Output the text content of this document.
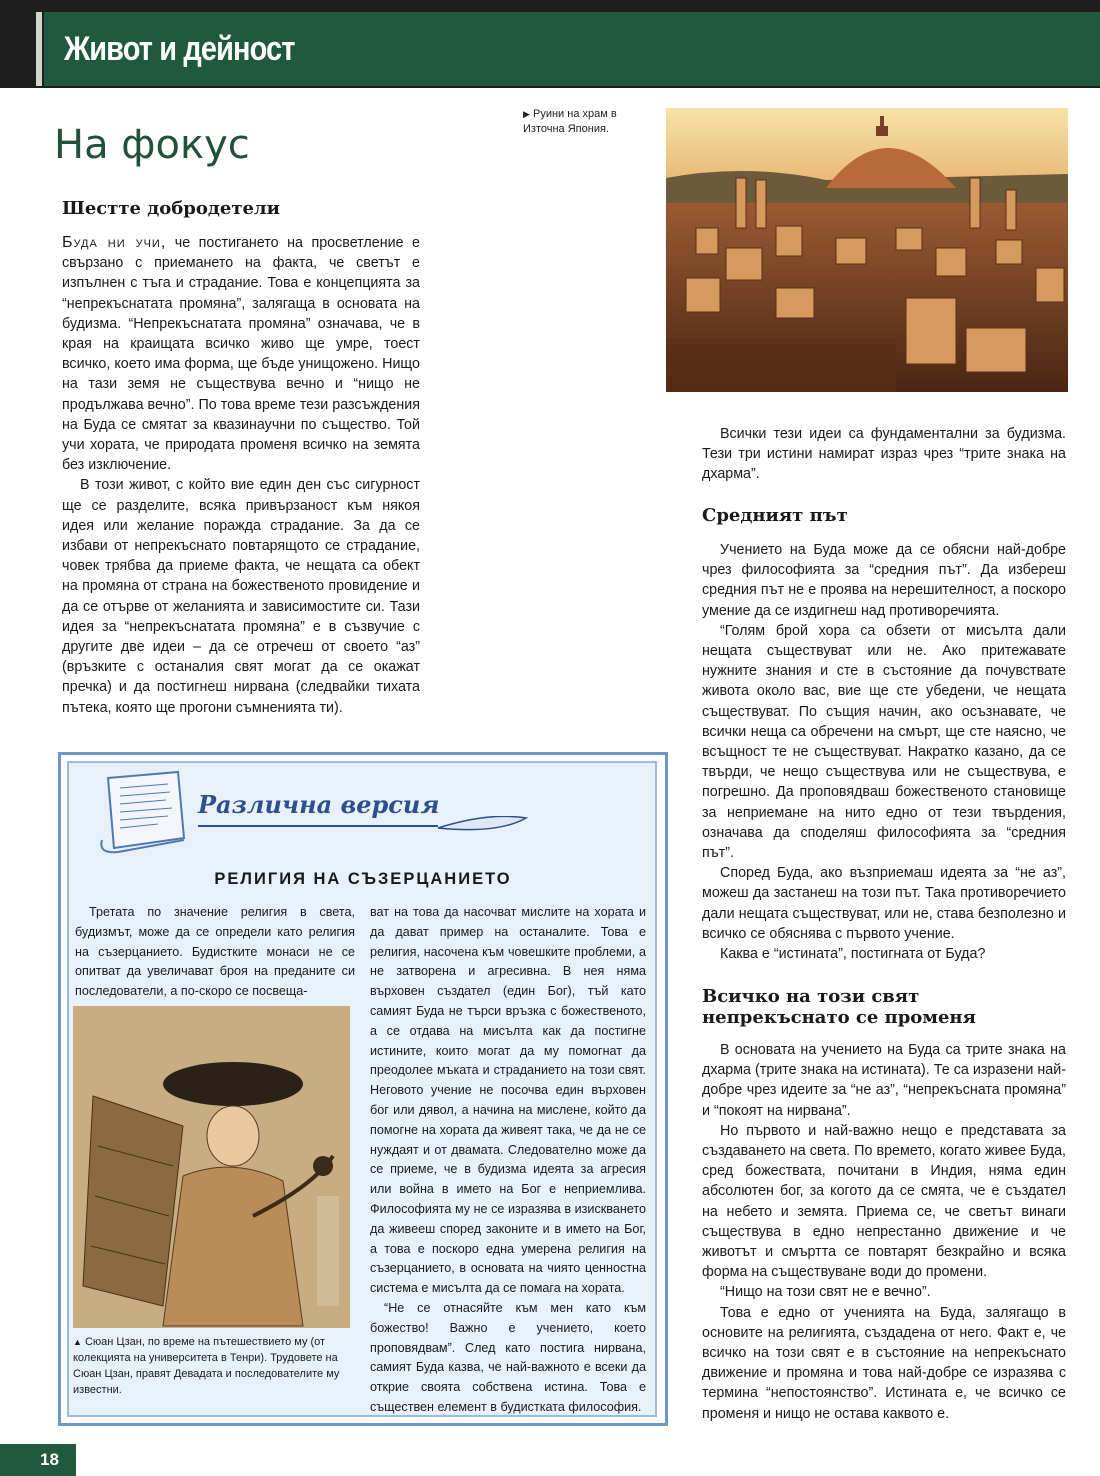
Живот и дейност
На фокус
▶ Руини на храм в Източна Япония.
Шестте добродетели

Буда ни учи, че постигането на просветление е свързано с приемането на факта, че светът е изпълнен с тъга и страдание. Това е концепцията за “непрекъснатата промяна”, залягаща в основата на будизма. “Непрекъснатата промяна” означава, че в края на краищата всичко живо ще умре, тоест всичко, което има форма, ще бъде унищожено. Нищо на тази земя не съществува вечно и “нищо не продължава вечно”. По това време тези разсъждения на Буда се смятат за квазинаучни по същество. Той учи хората, че природата променя всичко на земята без изключение.

В този живот, с който вие един ден със сигурност ще се разделите, всяка привързаност към някоя идея или желание поражда страдание. За да се избави от непрекъснато повтарящото се страдание, човек трябва да приеме факта, че нещата са обект на промяна от страна на божественото провидение и да се отърве от желанията и зависимостите си. Тази идея за “непрекъснатата промяна” е в съзвучие с другите две идеи – да се отречеш от своето “аз” (връзките с останалия свят могат да се окажат пречка) и да постигнеш нирвана (следвайки тихата пътека, която ще прогони съмненията ти).

Всички тези идеи са фундаментални за будизма. Тези три истини намират израз чрез “трите знака на дхарма”.

Средният път

Учението на Буда може да се обясни най-добре чрез философията за “средния път”. Да избереш средния път не е проява на нерешителност, а поскоро умение да се издигнеш над противоречията.

“Голям брой хора са обзети от мисълта дали нещата съществуват или не. Ако притежавате нужните знания и сте в състояние да почувствате живота около вас, вие ще сте убедени, че нещата съществуват. По същия начин, ако осъзнавате, че всички неща са обречени на смърт, ще сте наясно, че всъщност те не съществуват. Накратко казано, да се твърди, че нещо съществува или не съществува, е погрешно. Да проповядваш божественото становище за неприемане на нито едно от тези твърдения, означава да споделяш философията за “средния път”.

Според Буда, ако възприемаш идеята за “не аз”, можеш да застанеш на този път. Така противоречието дали нещата съществуват, или не, става безполезно и всичко се обяснява с първото учение.

Каква е “истината”, постигната от Буда?

Всичко на този свят непрекъснато се променя

В основата на учението на Буда са трите знака на дхарма (трите знака на истината). Те са изразени най-добре чрез идеите за “не аз”, “непрекъсната промяна” и “покоят на нирвана”.

Но първото и най-важно нещо е представата за създаването на света. По времето, когато живее Буда, сред божествата, почитани в Индия, няма един абсолютен бог, за когото да се смята, че е създател на небето и земята. Приема се, че светът винаги съществува в едно непрестанно движение и че животът и смъртта се повтарят безкрайно и всяка форма на съществуване води до промени.

“Нищо на този свят не е вечно”.

Това е едно от ученията на Буда, залягащо в основите на религията, създадена от него. Факт е, че всичко на този свят е в състояние на непрекъснато движение и промяна и това най-добре се изразява с термина “непостоянство”. Истината е, че всичко се променя и нищо не остава каквото е.

Различна версия
РЕЛИГИЯ НА СЪЗЕРЦАНИЕТО

Третата по значение религия в света, будизмът, може да се определи като религия на съзерцанието. Будистките монаси не се опитват да увеличават броя на преданите си последователи, а по-скоро се посвеща-

▲ Сюан Цзан, по време на пътешествието му (от колекцията на университета в Тенри). Трудовете на Сюан Цзан, правят Девадата и последователите му известни.

ват на това да насочват мислите на хората и да дават пример на останалите. Това е религия, насочена към човешките проблеми, а не затворена и агресивна. В нея няма върховен създател (един Бог), тъй като самият Буда не търси връзка с божественото, а се отдава на мисълта как да постигне истините, които могат да му помогнат да преодолее мъката и страданието на този свят. Неговото учение не посочва един върховен бог или дявол, а начина на мислене, който да помогне на хората да живеят така, че да не се нуждаят и от двамата. Следователно може да се приеме, че в будизма идеята за агресия или война в името на Бог е неприемлива. Философията му не се изразява в изискването да живееш според законите и в името на Бог, а това е поскоро една умерена религия на съзерцанието, в основата на чиято ценностна система е мисълта да се помага на хората.

“Не се отнасяйте към мен като към божество! Важно е учението, което проповядвам”. След като постига нирвана, самият Буда казва, че най-важното е всеки да открие своята собствена истина. Това е съществен елемент в будистката философия.

18
